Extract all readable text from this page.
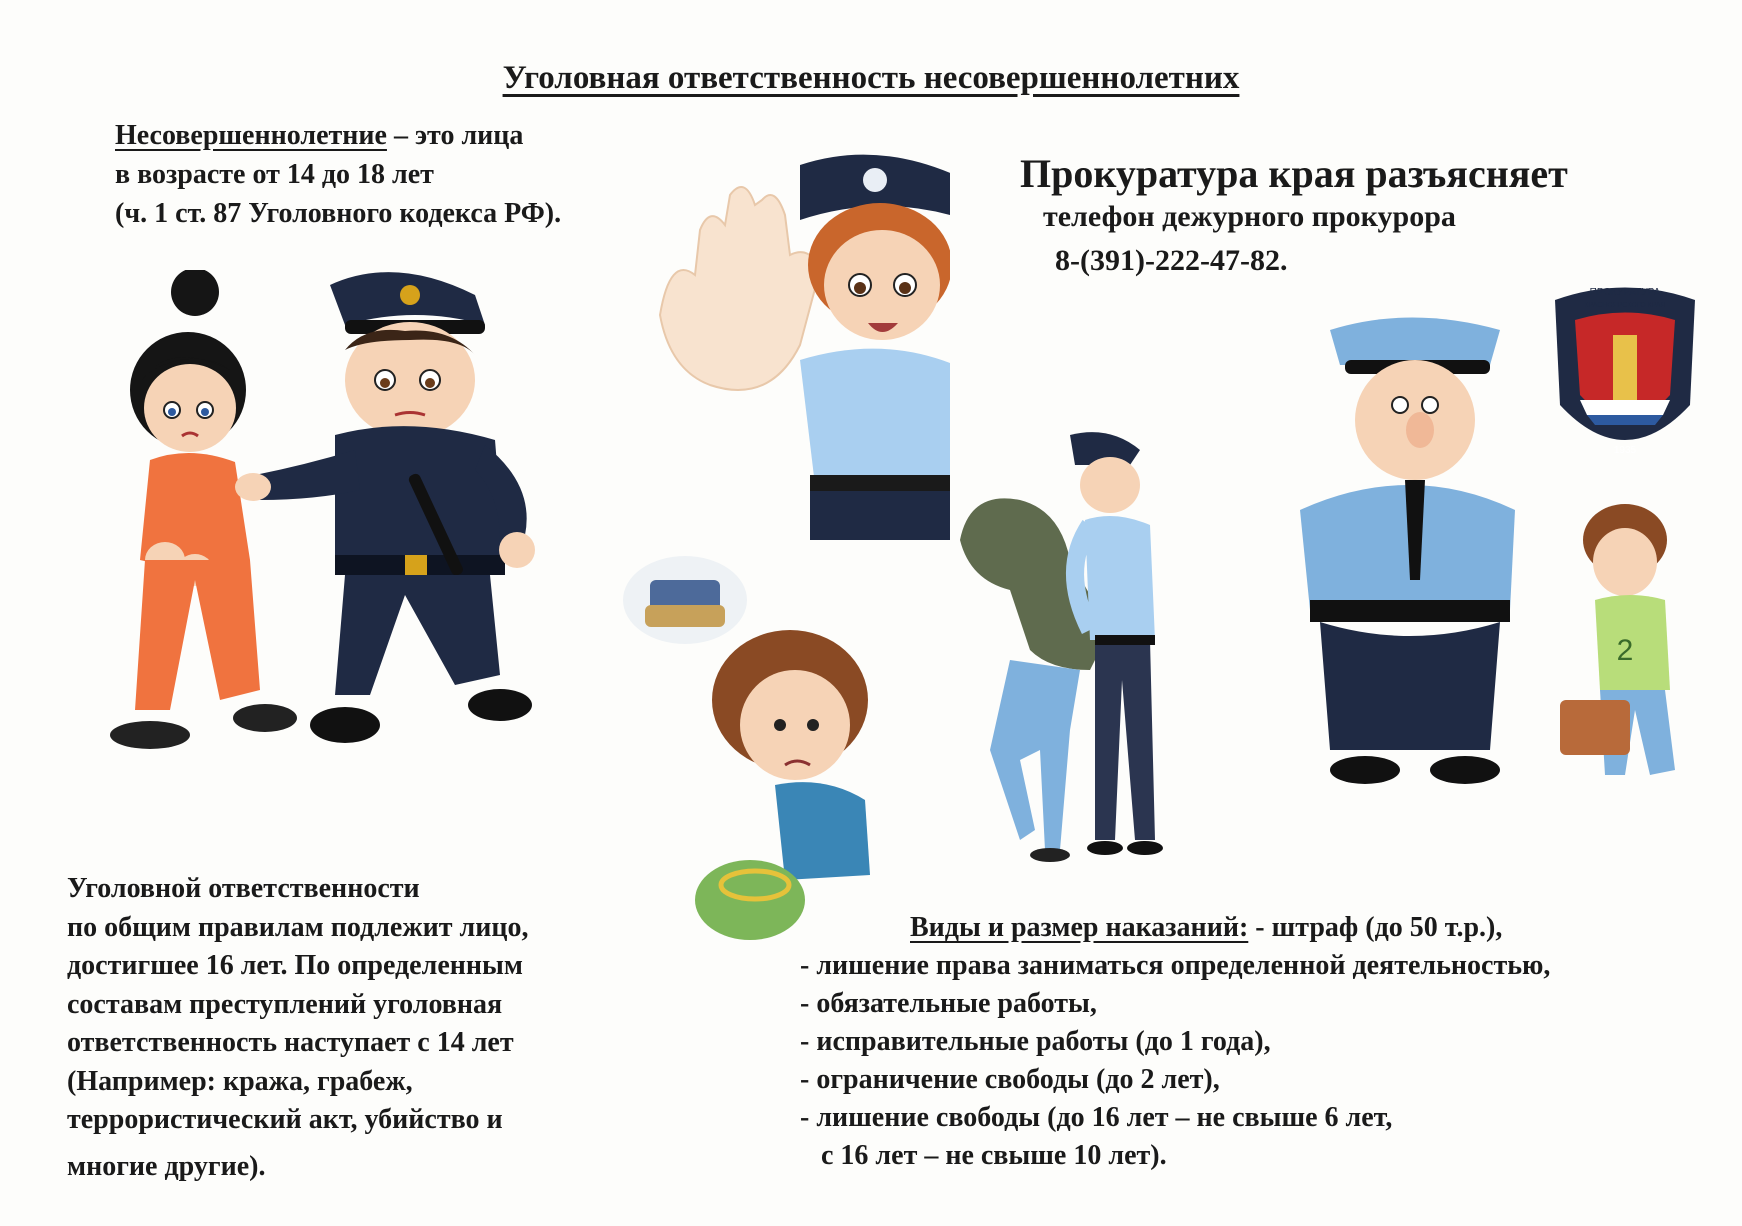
Уголовная ответственность несовершеннолетних
Несовершеннолетние – это лица
в возрасте от 14 до 18 лет
(ч. 1 ст. 87 Уголовного кодекса РФ).
Прокуратура края разъясняет
телефон дежурного прокурора
8-(391)-222-47-82.
Уголовной ответственности
по общим правилам подлежит лицо,
достигшее 16 лет. По определенным
составам преступлений уголовная
ответственность наступает с 14 лет
(Например: кража, грабеж,
террористический акт, убийство и
многие другие).
Виды и размер наказаний: - штраф (до 50 т.р.),
- лишение права заниматься определенной деятельностью,
- обязательные работы,
- исправительные работы (до 1 года),
- ограничение свободы (до 2 лет),
- лишение свободы (до 16 лет – не свыше 6 лет,
с 16 лет – не свыше 10 лет).
2
ПРОКУРАТУРА
КРАСНОЯРСКОГО КРАЯ
1935
